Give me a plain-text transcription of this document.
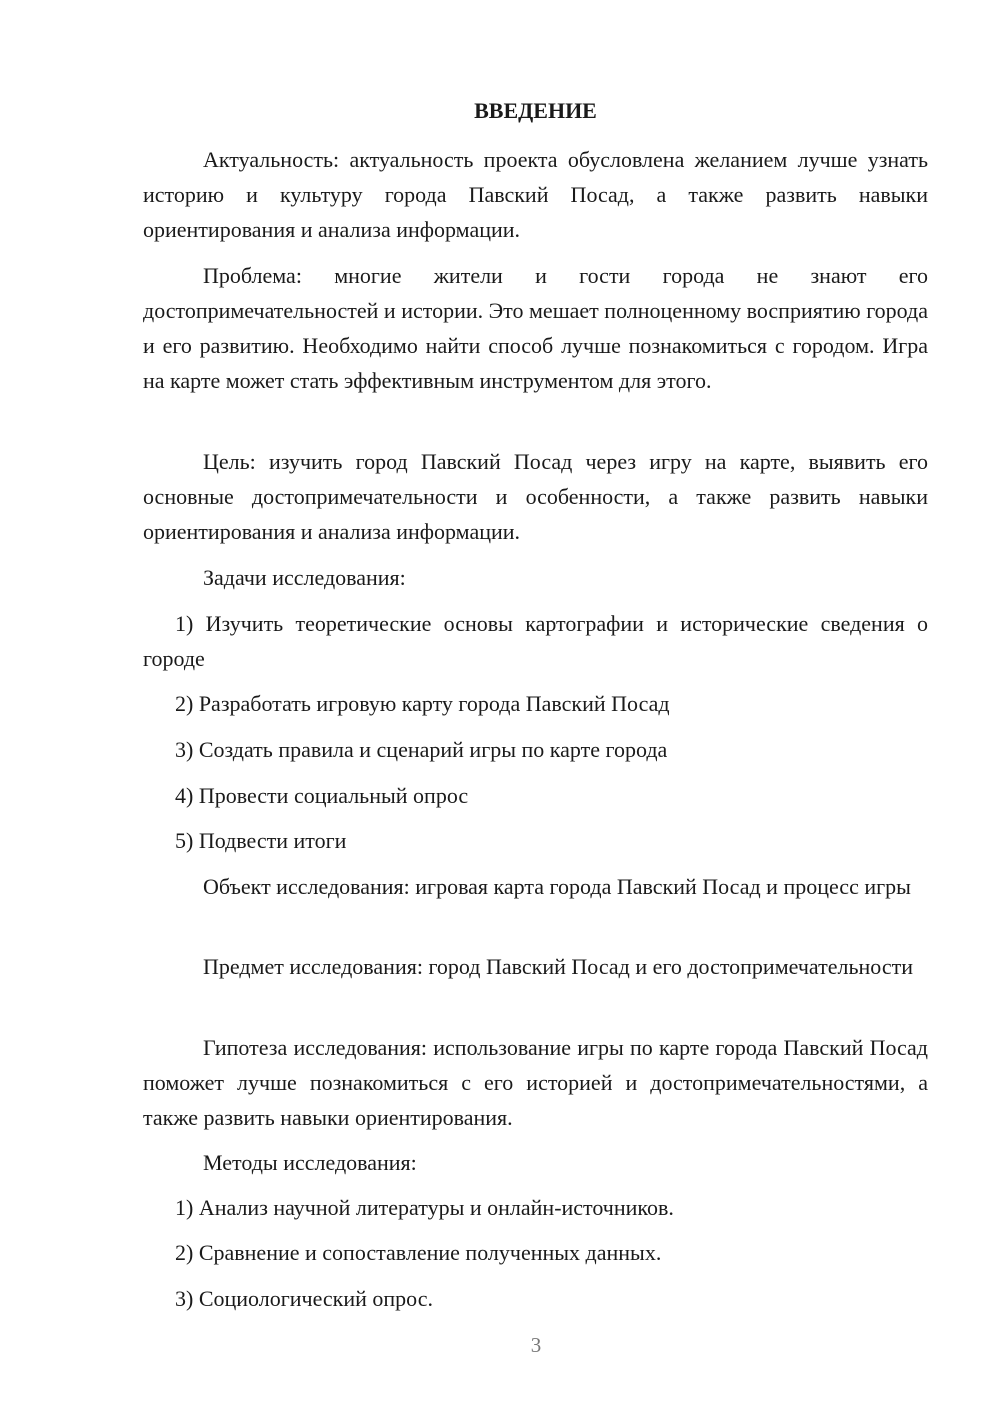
ВВЕДЕНИЕ

Актуальность: актуальность проекта обусловлена желанием лучше узнать историю и культуру города Павский Посад, а также развить навыки ориентирования и анализа информации.

Проблема: многие жители и гости города не знают его достопримечательностей и истории. Это мешает полноценному восприятию города и его развитию. Необходимо найти способ лучше познакомиться с городом. Игра на карте может стать эффективным инструментом для этого.

Цель: изучить город Павский Посад через игру на карте, выявить его основные достопримечательности и особенности, а также развить навыки ориентирования и анализа информации.

Задачи исследования:

1) Изучить теоретические основы картографии и исторические сведения о городе

2) Разработать игровую карту города Павский Посад

3) Создать правила и сценарий игры по карте города

4) Провести социальный опрос

5) Подвести итоги

Объект исследования: игровая карта города Павский Посад и процесс игры

Предмет исследования: город Павский Посад и его достопримечательности

Гипотеза исследования: использование игры по карте города Павский Посад поможет лучше познакомиться с его историей и достопримечательностями, а также развить навыки ориентирования.

Методы исследования:

1) Анализ научной литературы и онлайн-источников.

2) Сравнение и сопоставление полученных данных.

3) Социологический опрос.

3
